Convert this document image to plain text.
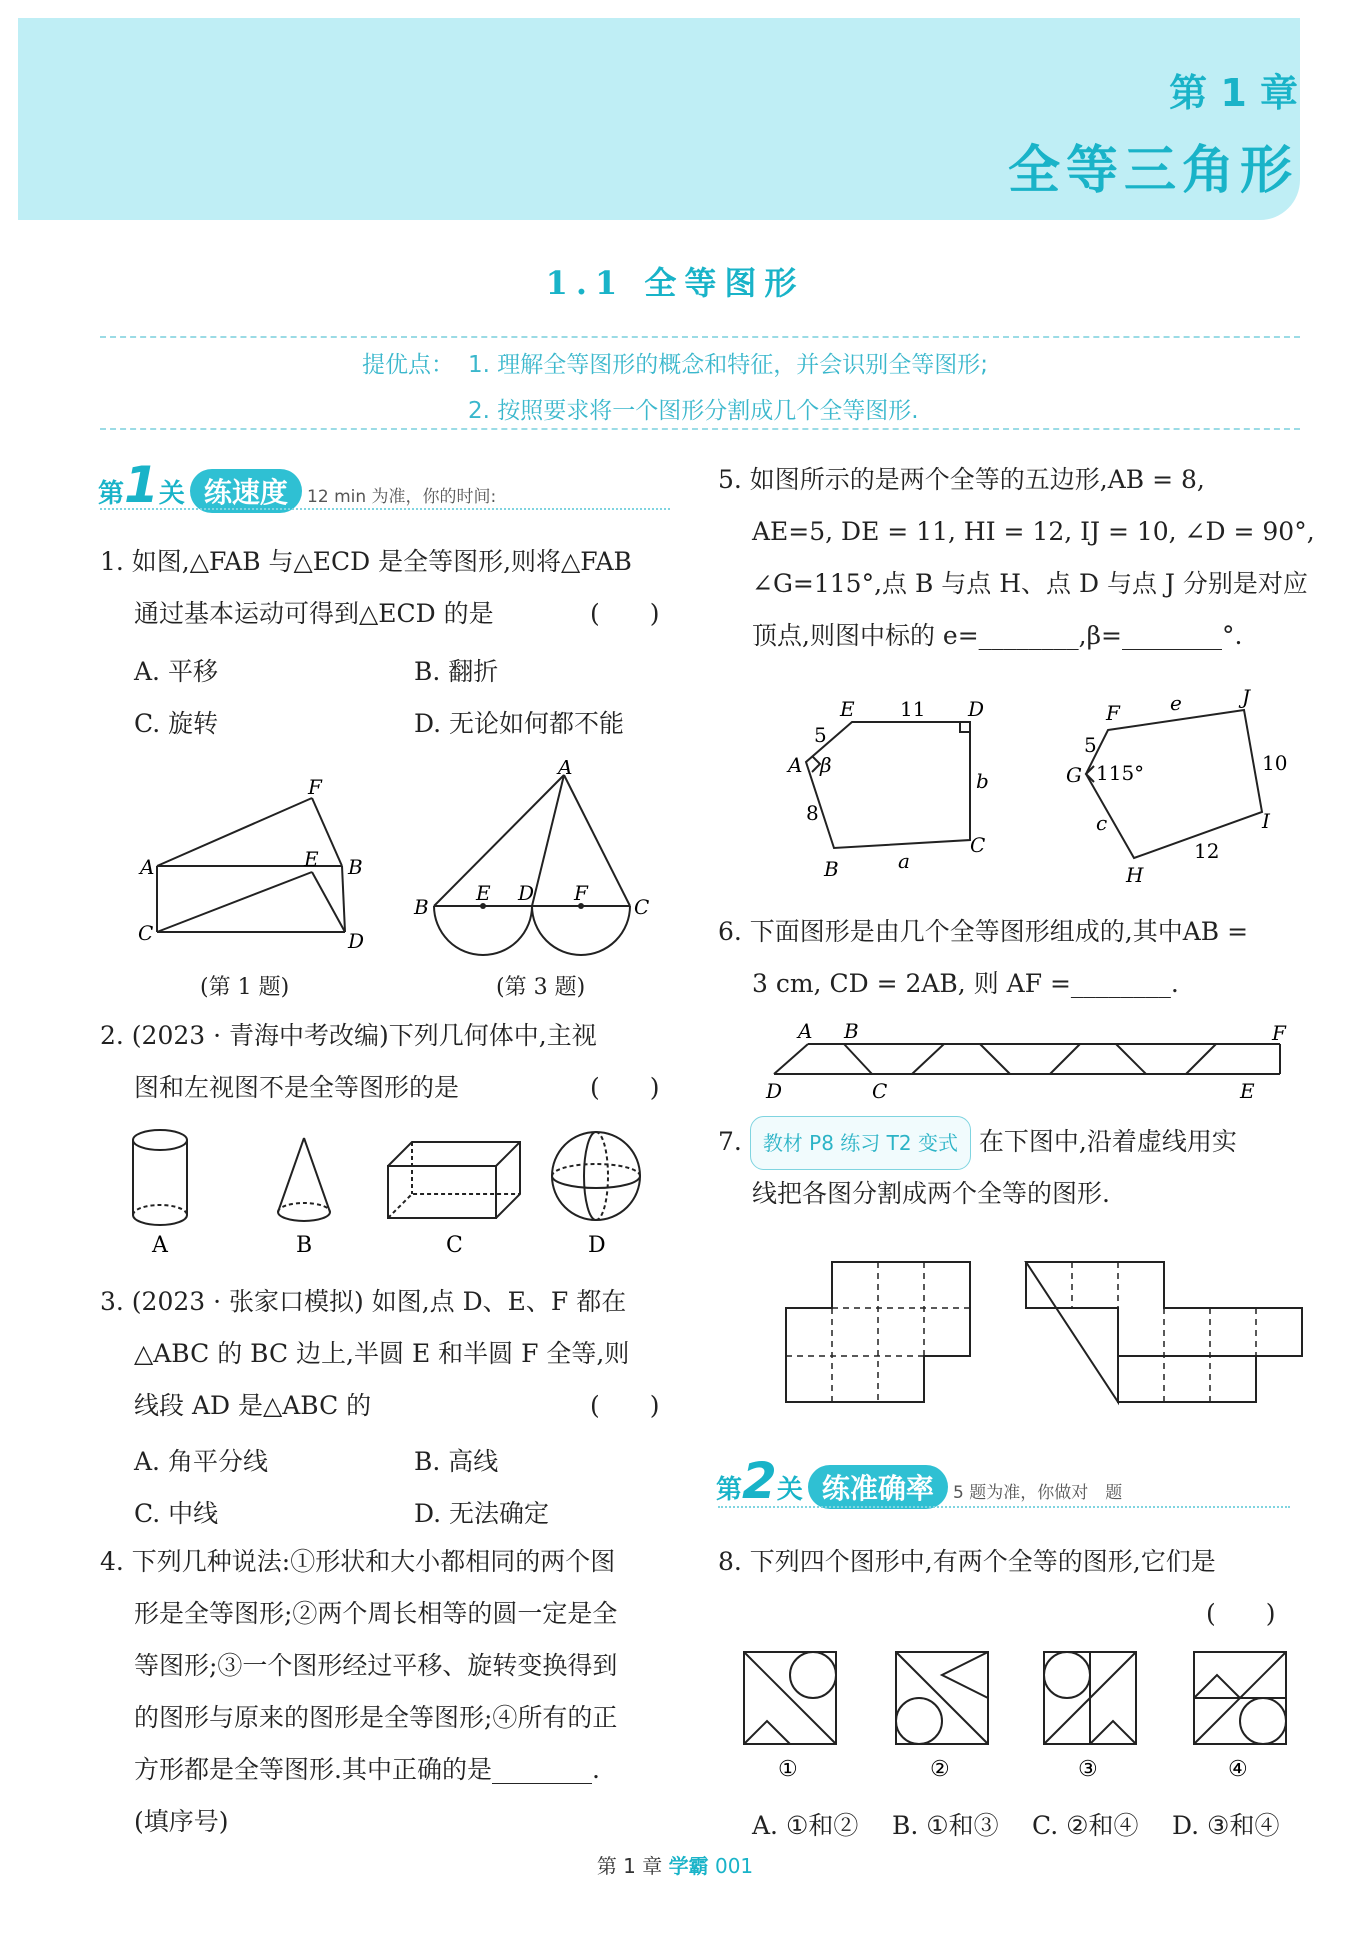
第 1 章
全等三角形
1.1 全等图形
提优点： 1. 理解全等图形的概念和特征，并会识别全等图形;
2. 按照要求将一个图形分割成几个全等图形.
第1关 练速度 12 min 为准，你的时间:
1. 如图,△FAB 与△ECD 是全等图形,则将△FAB
通过基本运动可得到△ECD 的是	(　　)
A. 平移	B. 翻折
C. 旋转	D. 无论如何都不能
A	B
C	D
E
F
(第 1 题)
A
B	C
D
E	F
(第 3 题)
2. (2023 · 青海中考改编)下列几何体中,主视
图和左视图不是全等图形的是	(　　)
A	B	C	D
3. (2023 · 张家口模拟) 如图,点 D、E、F 都在
△ABC 的 BC 边上,半圆 E 和半圆 F 全等,则
线段 AD 是△ABC 的	(　　)
A. 角平分线	B. 高线
C. 中线	D. 无法确定
4. 下列几种说法:①形状和大小都相同的两个图
形是全等图形;②两个周长相等的圆一定是全
等图形;③一个图形经过平移、旋转变换得到
的图形与原来的图形是全等图形;④所有的正
方形都是全等图形.其中正确的是________.
(填序号)
5. 如图所示的是两个全等的五边形,AB = 8,
AE=5, DE = 11, HI = 12, IJ = 10, ∠D = 90°,
∠G=115°,点 B 与点 H、点 D 与点 J 分别是对应
顶点,则图中标的 e=________,β=________°.
E	D
A
B
C
11
5
8
β
b
a
F
J
G
H
I
5
115°	10
12
e
c
6. 下面图形是由几个全等图形组成的,其中AB =
3 cm, CD = 2AB, 则 AF =________.
A B	F
D	C	E
7. 教材 P8 练习 T2 变式 在下图中,沿着虚线用实
线把各图分割成两个全等的图形.
第2关 练准确率 5 题为准，你做对　题
8. 下列四个图形中,有两个全等的图形,它们是
(　　)
①	②	③	④
A. ①和② B. ①和③ C. ②和④ D. ③和④
第 1 章 学霸 001
